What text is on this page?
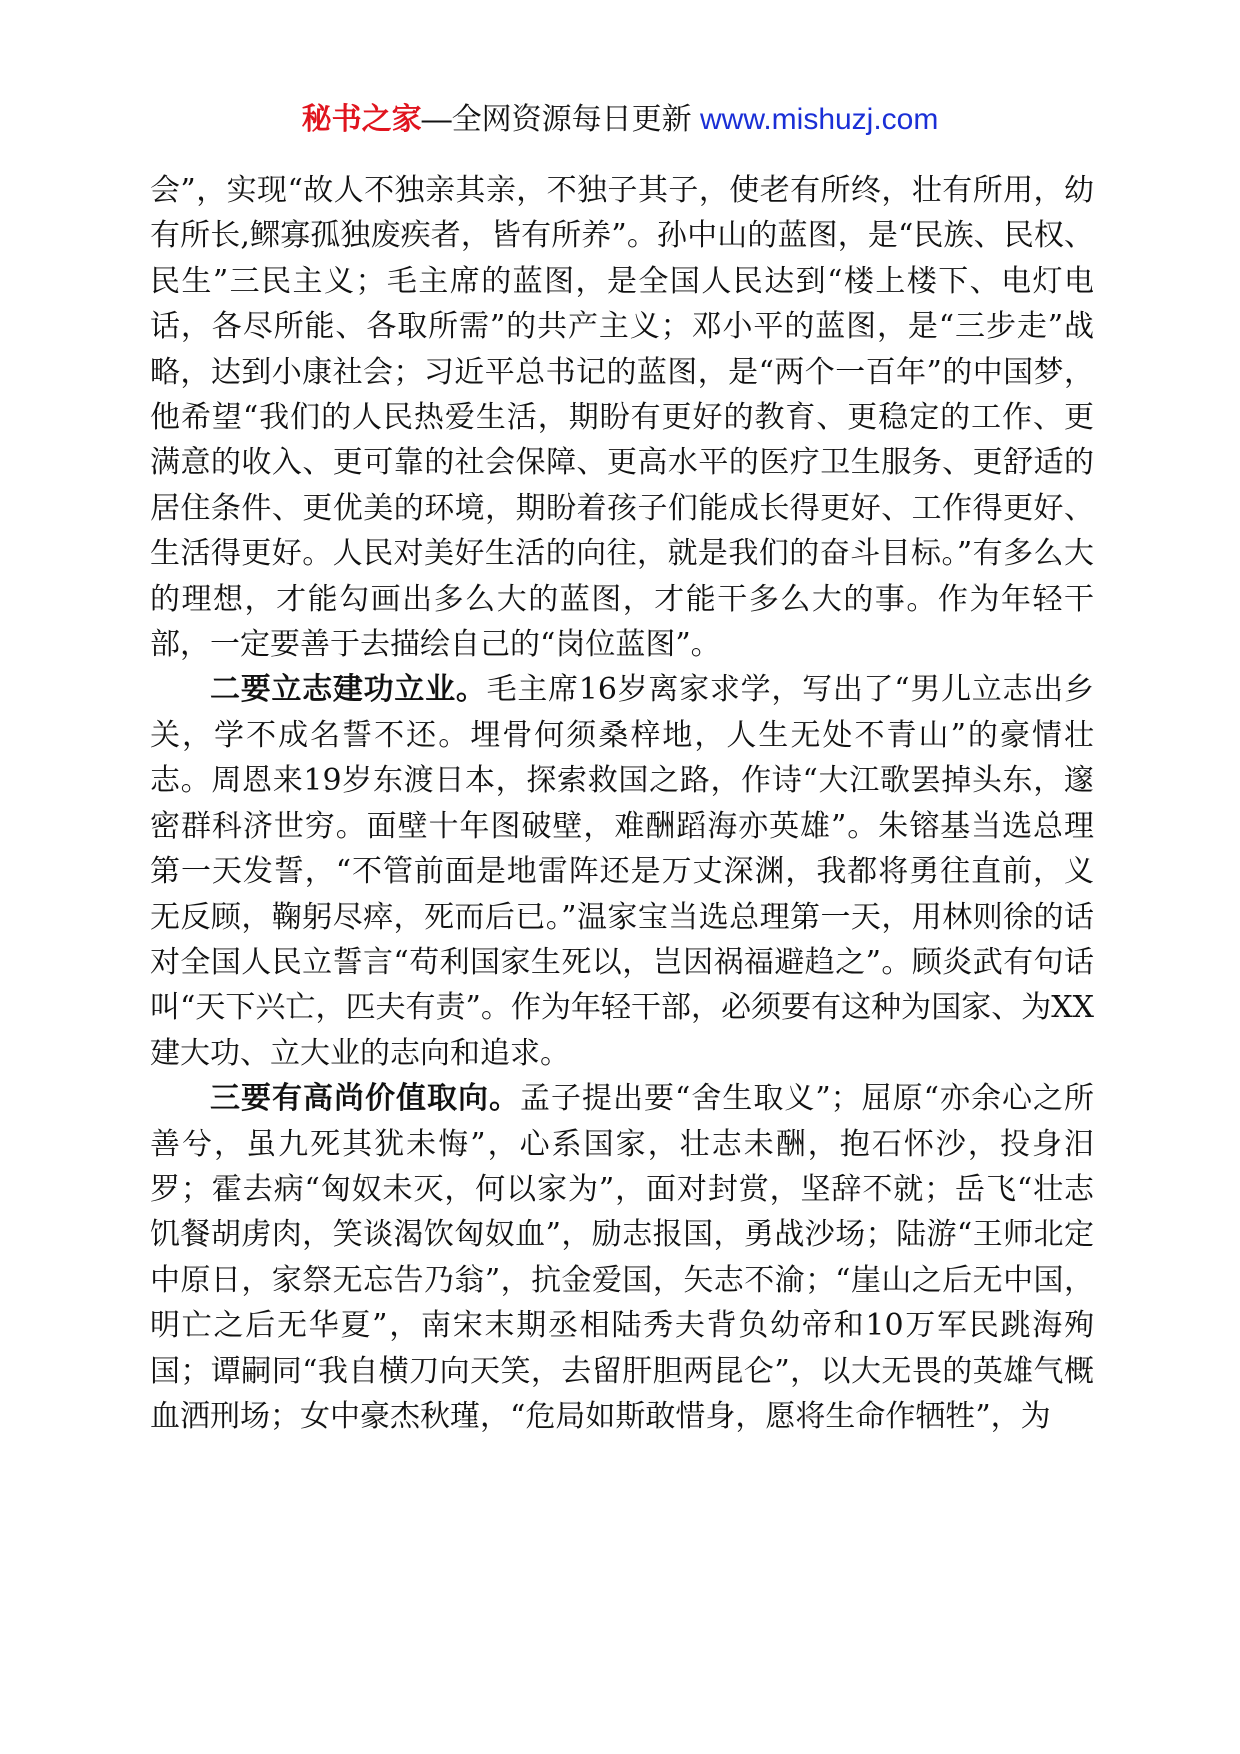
秘书之家—全网资源每日更新 www.mishuzj.com

会”，实现“故人不独亲其亲，不独子其子，使老有所终，壮有所用，幼有所长,鳏寡孤独废疾者，皆有所养”。孙中山的蓝图，是“民族、民权、民生”三民主义；毛主席的蓝图，是全国人民达到“楼上楼下、电灯电话，各尽所能、各取所需”的共产主义；邓小平的蓝图，是“三步走”战略，达到小康社会；习近平总书记的蓝图，是“两个一百年”的中国梦，他希望“我们的人民热爱生活，期盼有更好的教育、更稳定的工作、更满意的收入、更可靠的社会保障、更高水平的医疗卫生服务、更舒适的居住条件、更优美的环境，期盼着孩子们能成长得更好、工作得更好、生活得更好。人民对美好生活的向往，就是我们的奋斗目标。”有多么大的理想，才能勾画出多么大的蓝图，才能干多么大的事。作为年轻干部，一定要善于去描绘自己的“岗位蓝图”。

二要立志建功立业。毛主席16岁离家求学，写出了“男儿立志出乡关，学不成名誓不还。埋骨何须桑梓地，人生无处不青山”的豪情壮志。周恩来19岁东渡日本，探索救国之路，作诗“大江歌罢掉头东，邃密群科济世穷。面壁十年图破壁，难酬蹈海亦英雄”。朱镕基当选总理第一天发誓，“不管前面是地雷阵还是万丈深渊，我都将勇往直前，义无反顾，鞠躬尽瘁，死而后已。”温家宝当选总理第一天，用林则徐的话对全国人民立誓言“苟利国家生死以，岂因祸福避趋之”。顾炎武有句话叫“天下兴亡，匹夫有责”。作为年轻干部，必须要有这种为国家、为XX建大功、立大业的志向和追求。

三要有高尚价值取向。孟子提出要“舍生取义”；屈原“亦余心之所善兮，虽九死其犹未悔”，心系国家，壮志未酬，抱石怀沙，投身汨罗；霍去病“匈奴未灭，何以家为”，面对封赏，坚辞不就；岳飞“壮志饥餐胡虏肉，笑谈渴饮匈奴血”，励志报国，勇战沙场；陆游“王师北定中原日，家祭无忘告乃翁”，抗金爱国，矢志不渝；“崖山之后无中国，明亡之后无华夏”，南宋末期丞相陆秀夫背负幼帝和10万军民跳海殉国；谭嗣同“我自横刀向天笑，去留肝胆两昆仑”，以大无畏的英雄气概血洒刑场；女中豪杰秋瑾，“危局如斯敢惜身，愿将生命作牺牲”，为
